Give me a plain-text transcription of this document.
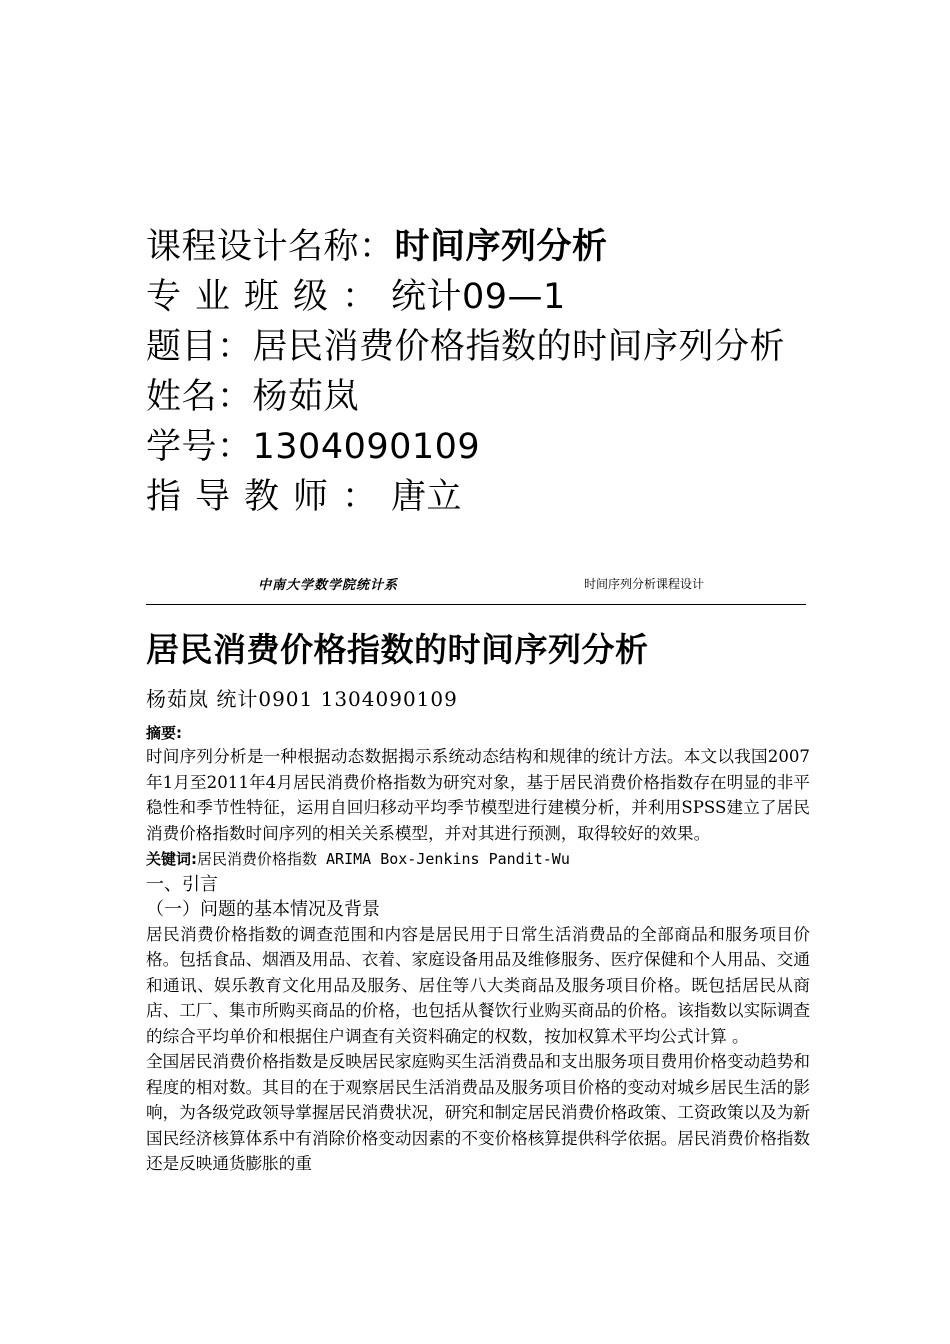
课程设计名称：时间序列分析
专业班级：统计09—1
题目：居民消费价格指数的时间序列分析
姓名：杨茹岚
学号：1304090109
指导教师：唐立
中南大学数学院统计系	时间序列分析课程设计
居民消费价格指数的时间序列分析
杨茹岚 统计0901 1304090109
摘要:

时间序列分析是一种根据动态数据揭示系统动态结构和规律的统计方法。本文以我国2007年1月至2011年4月居民消费价格指数为研究对象，基于居民消费价格指数存在明显的非平稳性和季节性特征，运用自回归移动平均季节模型进行建模分析，并利用SPSS建立了居民消费价格指数时间序列的相关关系模型，并对其进行预测，取得较好的效果。

关键词:居民消费价格指数 ARIMA Box-Jenkins Pandit-Wu
一、引言
（一）问题的基本情况及背景

居民消费价格指数的调查范围和内容是居民用于日常生活消费品的全部商品和服务项目价格。包括食品、烟酒及用品、衣着、家庭设备用品及维修服务、医疗保健和个人用品、交通和通讯、娱乐教育文化用品及服务、居住等八大类商品及服务项目价格。既包括居民从商店、工厂、集市所购买商品的价格，也包括从餐饮行业购买商品的价格。该指数以实际调查的综合平均单价和根据住户调查有关资料确定的权数，按加权算术平均公式计算 。

全国居民消费价格指数是反映居民家庭购买生活消费品和支出服务项目费用价格变动趋势和程度的相对数。其目的在于观察居民生活消费品及服务项目价格的变动对城乡居民生活的影响，为各级党政领导掌握居民消费状况，研究和制定居民消费价格政策、工资政策以及为新国民经济核算体系中有消除价格变动因素的不变价格核算提供科学依据。居民消费价格指数还是反映通货膨胀的重
